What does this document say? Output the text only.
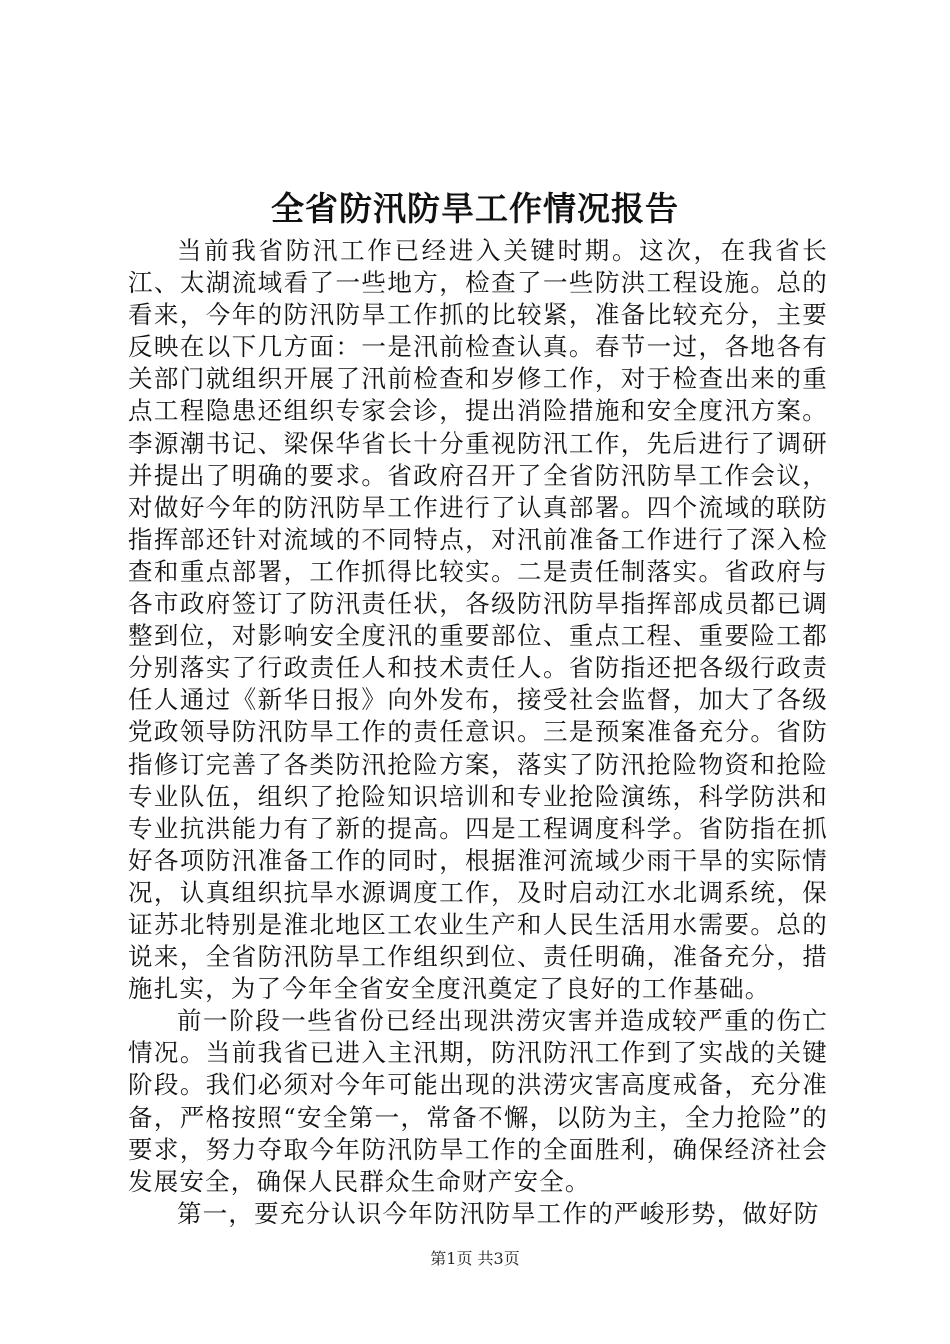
全省防汛防旱工作情况报告

当前我省防汛工作已经进入关键时期。这次，在我省长江、太湖流域看了一些地方，检查了一些防洪工程设施。总的看来，今年的防汛防旱工作抓的比较紧，准备比较充分，主要反映在以下几方面：一是汛前检查认真。春节一过，各地各有关部门就组织开展了汛前检查和岁修工作，对于检查出来的重点工程隐患还组织专家会诊，提出消险措施和安全度汛方案。李源潮书记、梁保华省长十分重视防汛工作，先后进行了调研并提出了明确的要求。省政府召开了全省防汛防旱工作会议，对做好今年的防汛防旱工作进行了认真部署。四个流域的联防指挥部还针对流域的不同特点，对汛前准备工作进行了深入检查和重点部署，工作抓得比较实。二是责任制落实。省政府与各市政府签订了防汛责任状，各级防汛防旱指挥部成员都已调整到位，对影响安全度汛的重要部位、重点工程、重要险工都分别落实了行政责任人和技术责任人。省防指还把各级行政责任人通过《新华日报》向外发布，接受社会监督，加大了各级党政领导防汛防旱工作的责任意识。三是预案准备充分。省防指修订完善了各类防汛抢险方案，落实了防汛抢险物资和抢险专业队伍，组织了抢险知识培训和专业抢险演练，科学防洪和专业抗洪能力有了新的提高。四是工程调度科学。省防指在抓好各项防汛准备工作的同时，根据淮河流域少雨干旱的实际情况，认真组织抗旱水源调度工作，及时启动江水北调系统，保证苏北特别是淮北地区工农业生产和人民生活用水需要。总的说来，全省防汛防旱工作组织到位、责任明确，准备充分，措施扎实，为了今年全省安全度汛奠定了良好的工作基础。

前一阶段一些省份已经出现洪涝灾害并造成较严重的伤亡情况。当前我省已进入主汛期，防汛防汛工作到了实战的关键阶段。我们必须对今年可能出现的洪涝灾害高度戒备，充分准备，严格按照“安全第一，常备不懈，以防为主，全力抢险”的要求，努力夺取今年防汛防旱工作的全面胜利，确保经济社会发展安全，确保人民群众生命财产安全。

第一，要充分认识今年防汛防旱工作的严峻形势，做好防

第1页 共3页
